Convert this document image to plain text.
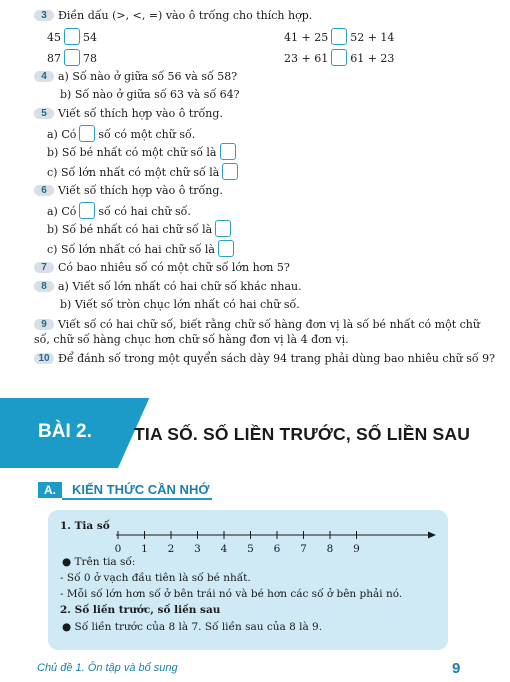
3 Điền dấu (>, <, =) vào ô trống cho thích hợp.
45 54	41 + 25 52 + 14
87 78	23 + 61 61 + 23
4 a) Số nào ở giữa số 56 và số 58?
b) Số nào ở giữa số 63 và số 64?
5 Viết số thích hợp vào ô trống.
a) Có số có một chữ số.
b) Số bé nhất có một chữ số là
c) Số lớn nhất có một chữ số là
6 Viết số thích hợp vào ô trống.
a) Có số có hai chữ số.
b) Số bé nhất có hai chữ số là
c) Số lớn nhất có hai chữ số là
7 Có bao nhiêu số có một chữ số lớn hơn 5?
8 a) Viết số lớn nhất có hai chữ số khác nhau.
b) Viết số tròn chục lớn nhất có hai chữ số.
9 Viết số có hai chữ số, biết rằng chữ số hàng đơn vị là số bé nhất có một chữ
số, chữ số hàng chục hơn chữ số hàng đơn vị là 4 đơn vị.
10 Để đánh số trong một quyển sách dày 94 trang phải dùng bao nhiêu chữ số 9?
BÀI 2. TIA SỐ. SỐ LIỀN TRƯỚC, SỐ LIỀN SAU
A.	KIẾN THỨC CẦN NHỚ
1. Tia số
0 1 2 3 4 5 6 7 8 9
● Trên tia số:
- Số 0 ở vạch đầu tiên là số bé nhất.
- Mỗi số lớn hơn số ở bên trái nó và bé hơn các số ở bên phải nó.
2. Số liền trước, số liền sau
● Số liền trước của 8 là 7. Số liền sau của 8 là 9.
Chủ đề 1. Ôn tập và bổ sung	9
